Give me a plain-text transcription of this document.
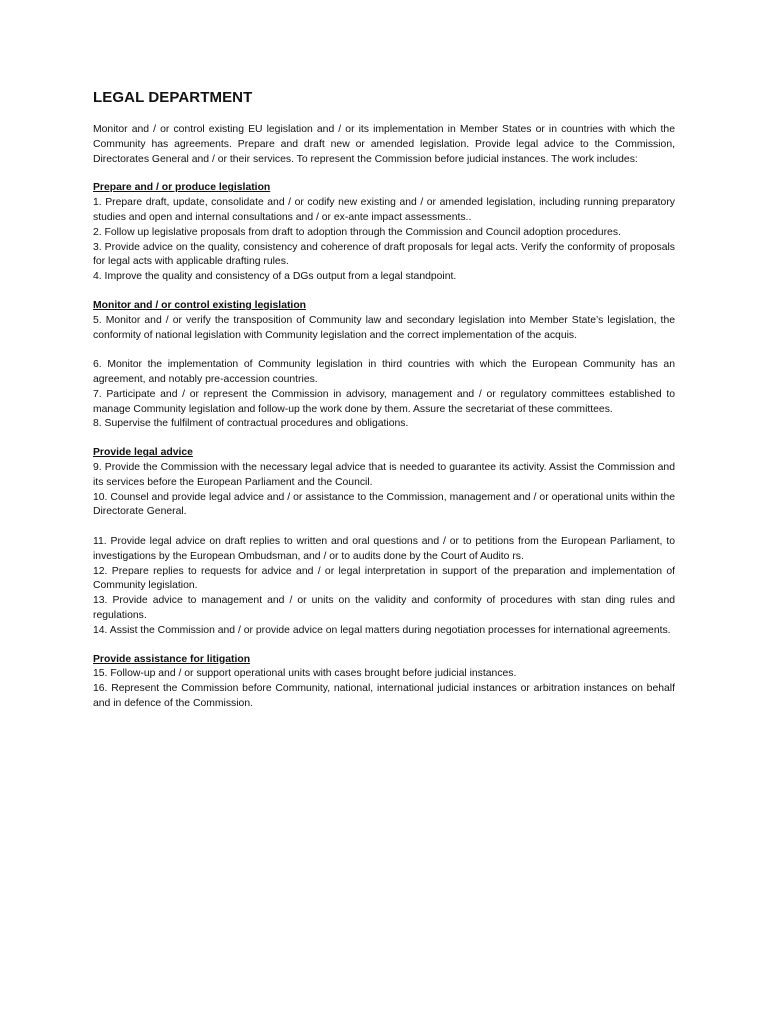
LEGAL DEPARTMENT

Monitor and / or control existing EU legislation and / or its implementation in Member States or in countries with which the Community has agreements. Prepare and draft new or amended legislation. Provide legal advice to the Commission, Directorates General and / or their services. To represent the Commission before judicial instances. The work includes:

Prepare and / or produce legislation

1. Prepare draft, update, consolidate and / or codify new existing and / or amended legislation, including running preparatory studies and open and internal consultations and / or ex-ante impact assessments..

2. Follow up legislative proposals from draft to adoption through the Commission and Council adoption procedures.

3. Provide advice on the quality, consistency and coherence of draft proposals for legal acts. Verify the conformity of proposals for legal acts with applicable drafting rules.

4. Improve the quality and consistency of a DGs output from a legal standpoint.

Monitor and / or control existing legislation

5. Monitor and / or verify the transposition of Community law and secondary legislation into Member State’s legislation, the conformity of national legislation with Community legislation and the correct implementation of the acquis.

6. Monitor the implementation of Community legislation in third countries with which the European Community has an agreement, and notably pre-accession countries.

7. Participate and / or represent the Commission in advisory, management and / or regulatory committees established to manage Community legislation and follow-up the work done by them. Assure the secretariat of these committees.

8. Supervise the fulfilment of contractual procedures and obligations.

Provide legal advice

9. Provide the Commission with the necessary legal advice that is needed to guarantee its activity. Assist the Commission and its services before the European Parliament and the Council.

10. Counsel and provide legal advice and / or assistance to the Commission, management and / or operational units within the Directorate General.

11. Provide legal advice on draft replies to written and oral questions and / or to petitions from the European Parliament, to investigations by the European Ombudsman, and / or to audits done by the Court of Audito rs.

12. Prepare replies to requests for advice and / or legal interpretation in support of the preparation and implementation of Community legislation.

13. Provide advice to management and / or units on the validity and conformity of procedures with stan ding rules and regulations.

14. Assist the Commission and / or provide advice on legal matters during negotiation processes for international agreements.

Provide assistance for litigation

15. Follow-up and / or support operational units with cases brought before judicial instances.

16. Represent the Commission before Community, national, international judicial instances or arbitration instances on behalf and in defence of the Commission.
